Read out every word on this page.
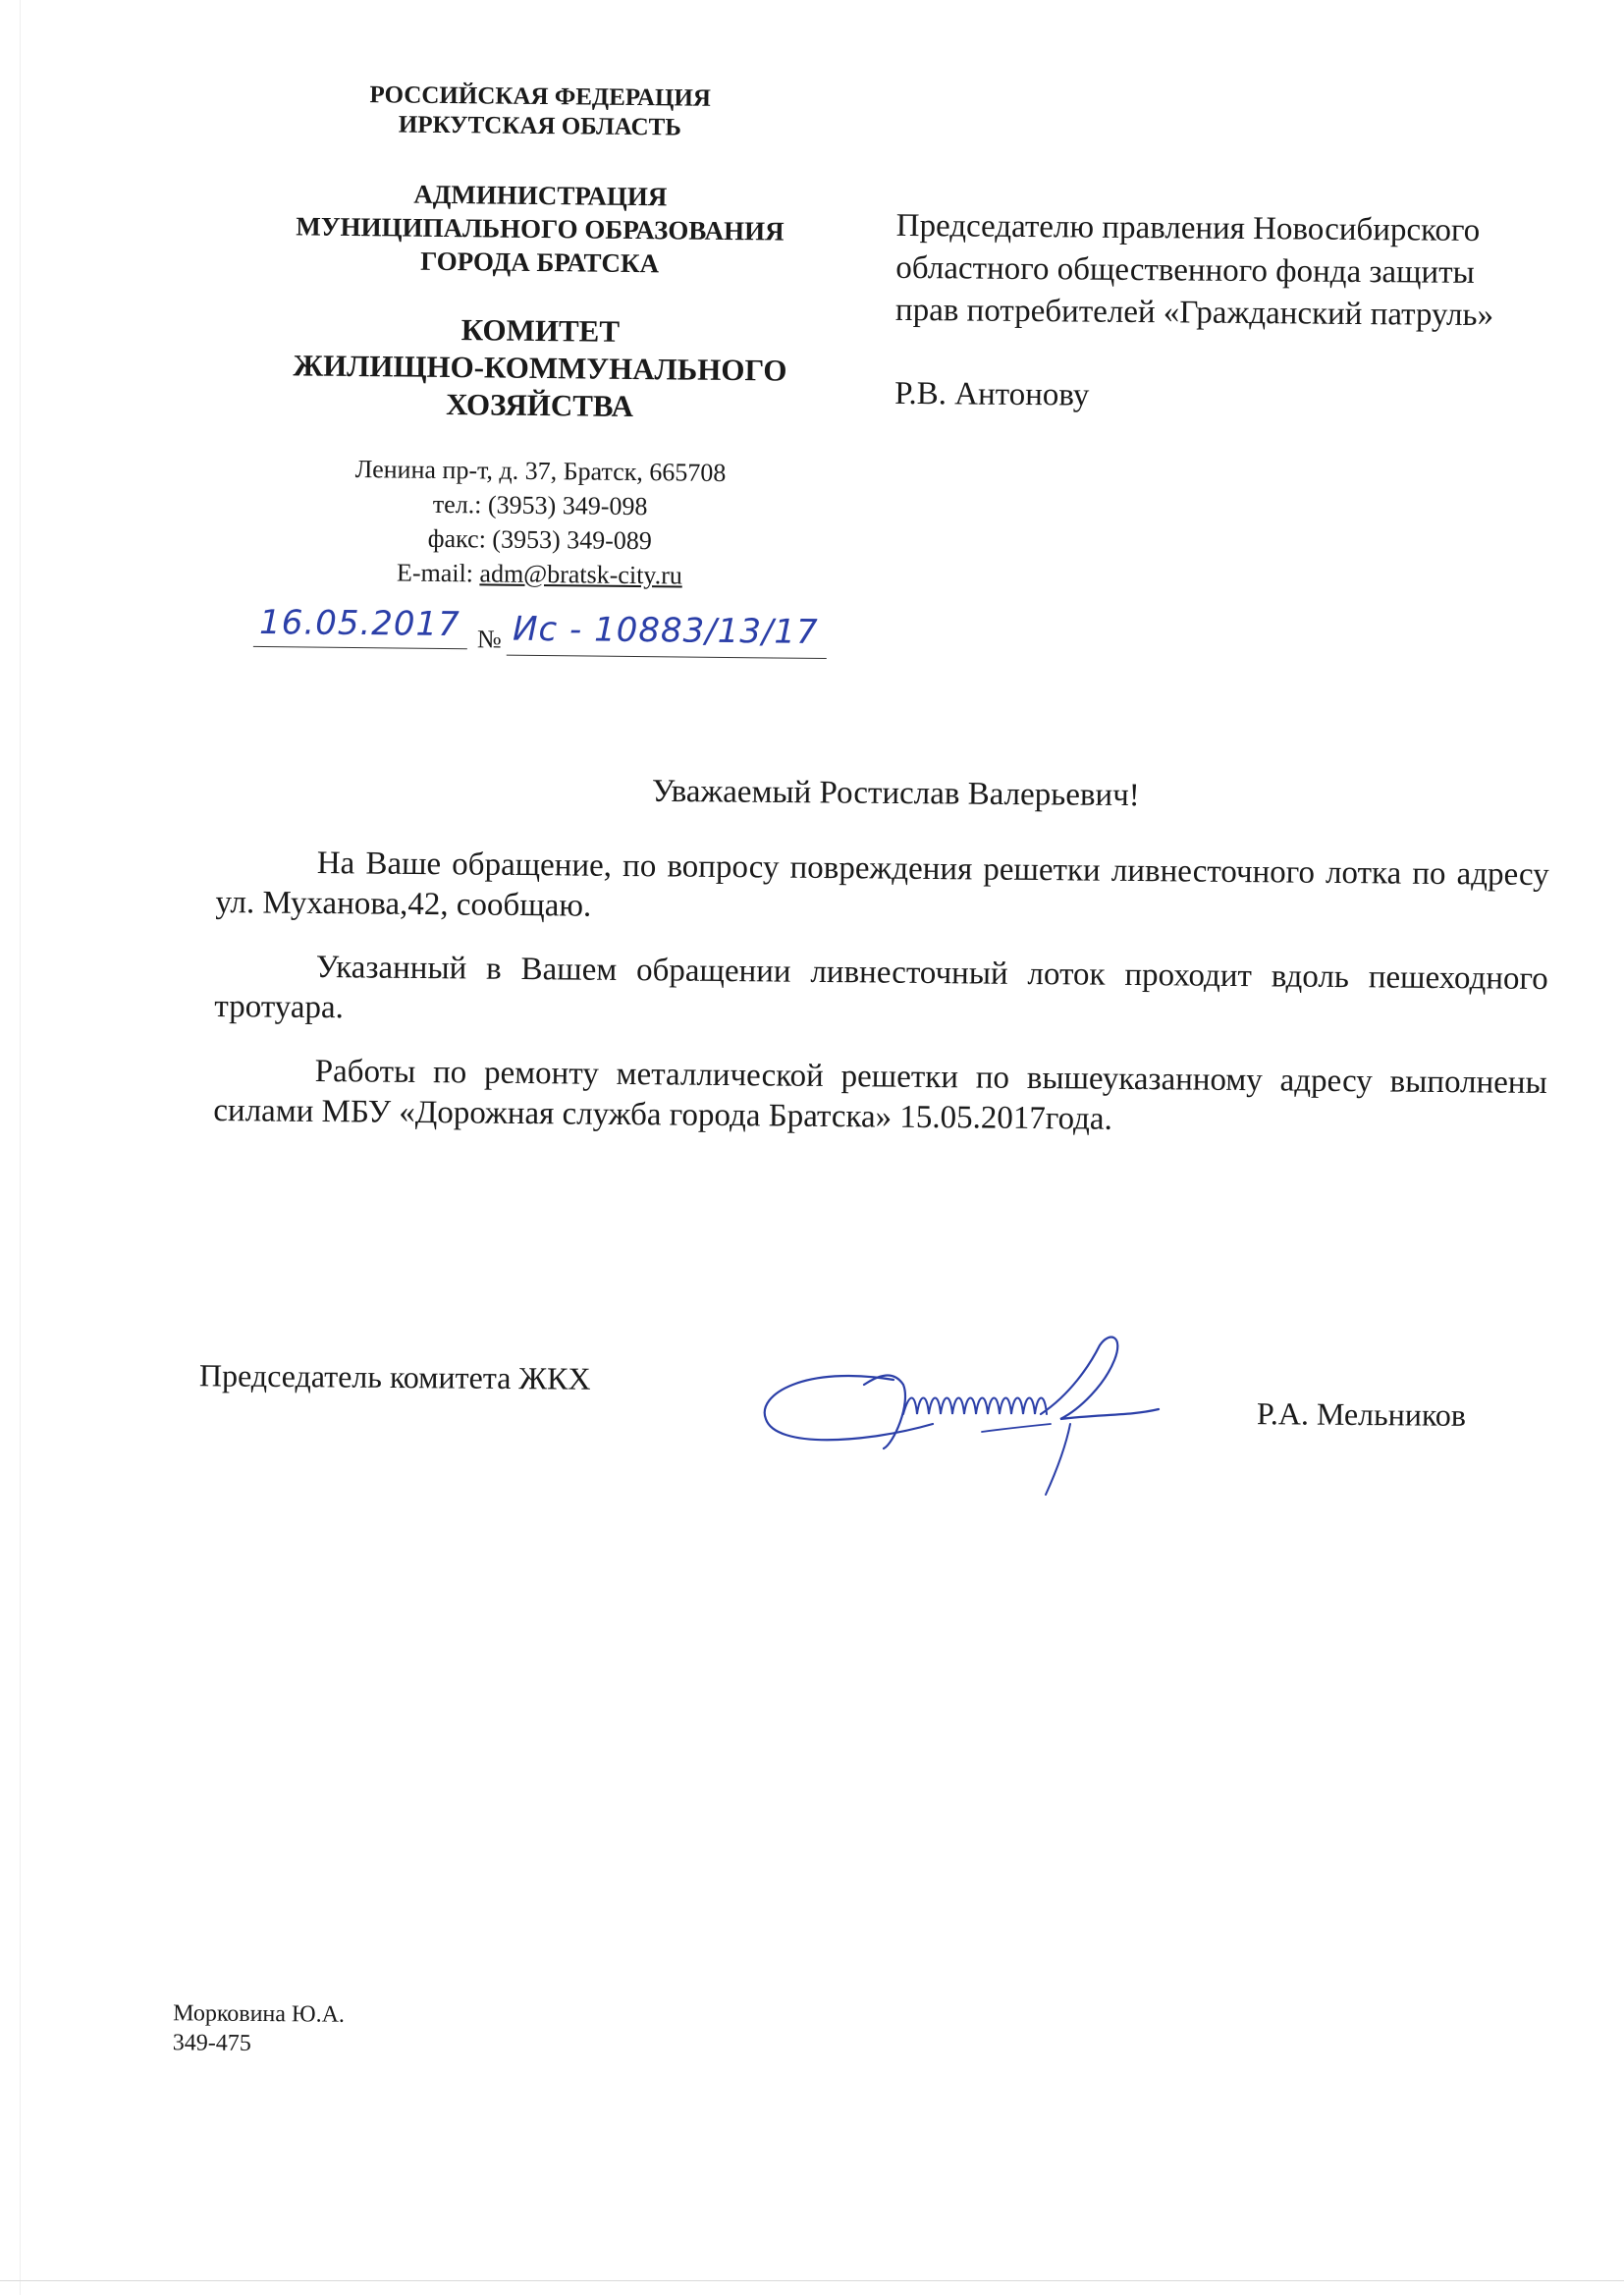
РОССИЙСКАЯ ФЕДЕРАЦИЯ
ИРКУТСКАЯ ОБЛАСТЬ
АДМИНИСТРАЦИЯ
МУНИЦИПАЛЬНОГО ОБРАЗОВАНИЯ
ГОРОДА БРАТСКА
КОМИТЕТ
ЖИЛИЩНО-КОММУНАЛЬНОГО
ХОЗЯЙСТВА
Ленина пр-т, д. 37, Братск, 665708
тел.: (3953) 349-098
факс: (3953) 349-089
E-mail: adm@bratsk-city.ru
16.05.2017 № Ис - 10883/13/17
Председателю правления Новосибирского
областного общественного фонда защиты
прав потребителей «Гражданский патруль»
Р.В. Антонову
Уважаемый Ростислав Валерьевич!

На Ваше обращение, по вопросу повреждения решетки ливнесточного лотка по адресу ул. Муханова,42, сообщаю.

Указанный в Вашем обращении ливнесточный лоток проходит вдоль пешеходного тротуара.

Работы по ремонту металлической решетки по вышеуказанному адресу выполнены силами МБУ «Дорожная служба города Братска» 15.05.2017года.

Председатель комитета ЖКХ
Р.А. Мельников
Морковина Ю.А.
349-475
